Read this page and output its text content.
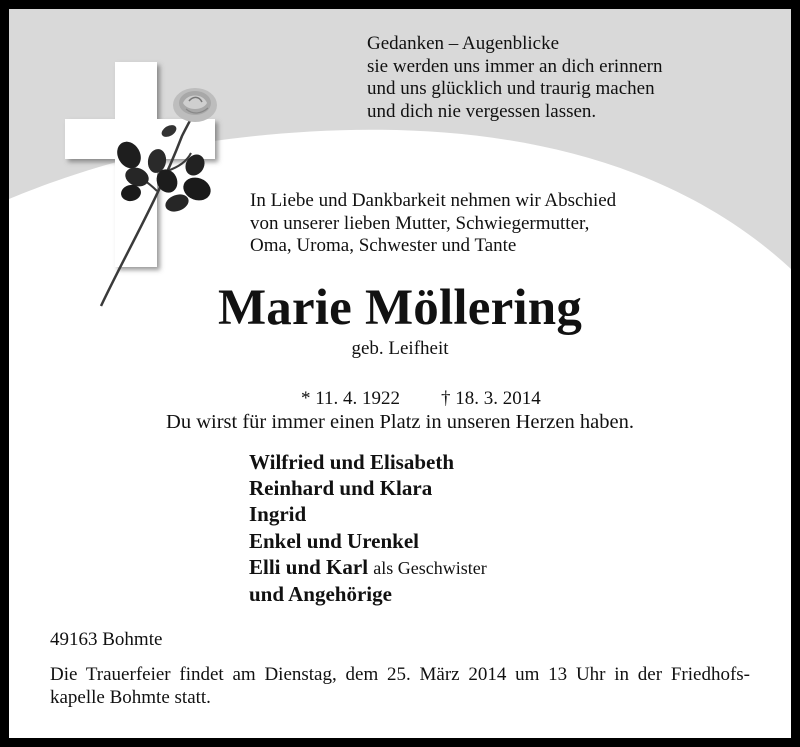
Gedanken – Augenblicke
sie werden uns immer an dich erinnern
und uns glücklich und traurig machen
und dich nie vergessen lassen.
In Liebe und Dankbarkeit nehmen wir Abschied
von unserer lieben Mutter, Schwiegermutter,
Oma, Uroma, Schwester und Tante
Marie Möllering
geb. Leifheit

* 11. 4. 1922 † 18. 3. 2014

Du wirst für immer einen Platz in unseren Herzen haben.
Wilfried und Elisabeth
Reinhard und Klara
Ingrid
Enkel und Urenkel
Elli und Karl als Geschwister
und Angehörige
49163 Bohmte
Die Trauerfeier findet am Dienstag, dem 25. März 2014 um 13 Uhr in der Friedhofs-
kapelle Bohmte statt.
